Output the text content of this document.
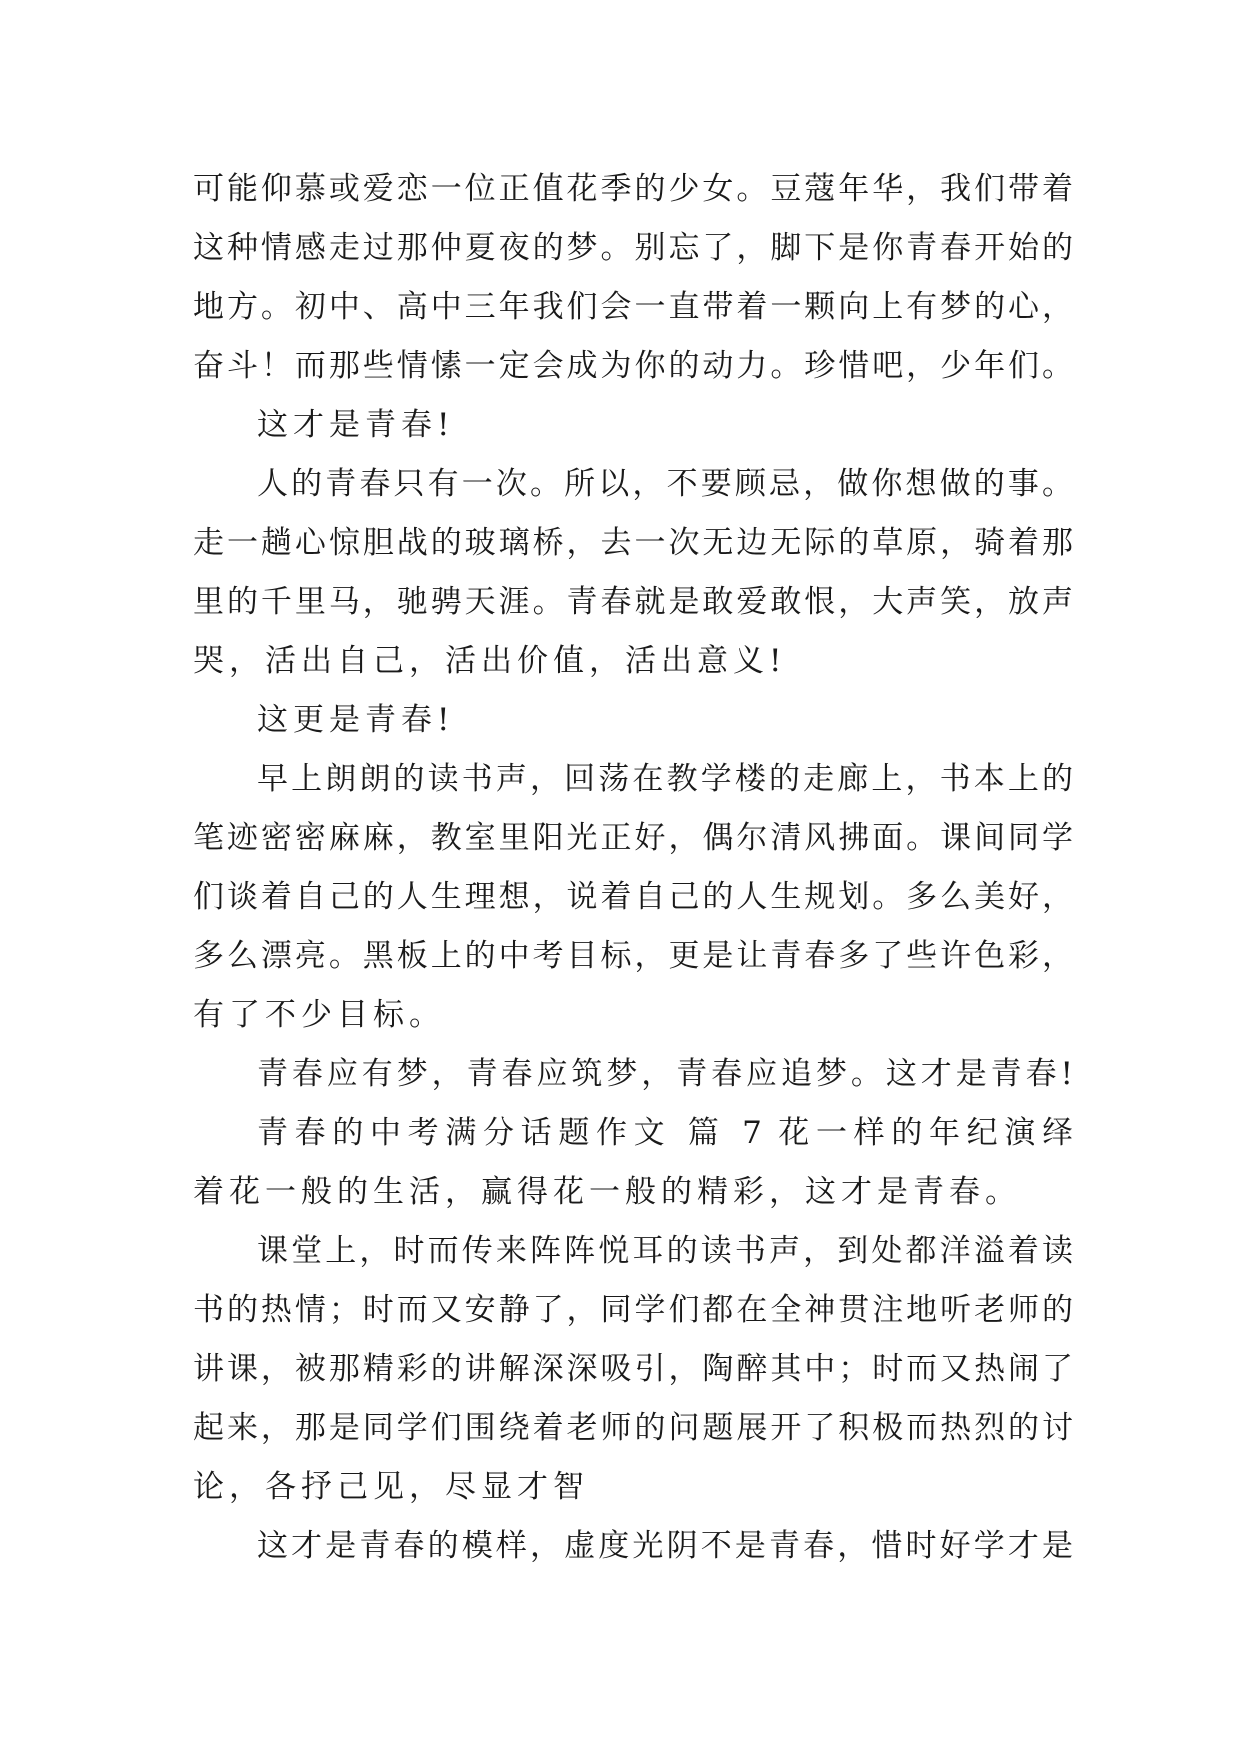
可能仰慕或爱恋一位正值花季的少女。豆蔻年华，我们带着
这种情感走过那仲夏夜的梦。别忘了，脚下是你青春开始的
地方。初中、高中三年我们会一直带着一颗向上有梦的心，
奋斗！而那些情愫一定会成为你的动力。珍惜吧，少年们。
这才是青春!
人的青春只有一次。所以，不要顾忌，做你想做的事。
走一趟心惊胆战的玻璃桥，去一次无边无际的草原，骑着那
里的千里马，驰骋天涯。青春就是敢爱敢恨，大声笑，放声
哭，活出自己，活出价值，活出意义!
这更是青春!
早上朗朗的读书声，回荡在教学楼的走廊上，书本上的
笔迹密密麻麻，教室里阳光正好，偶尔清风拂面。课间同学
们谈着自己的人生理想，说着自己的人生规划。多么美好，
多么漂亮。黑板上的中考目标，更是让青春多了些许色彩，
有了不少目标。
青春应有梦，青春应筑梦，青春应追梦。这才是青春!
青春的中考满分话题作文 篇 7 花一样的年纪演绎
着花一般的生活，赢得花一般的精彩，这才是青春。
课堂上，时而传来阵阵悦耳的读书声，到处都洋溢着读
书的热情；时而又安静了，同学们都在全神贯注地听老师的
讲课，被那精彩的讲解深深吸引，陶醉其中；时而又热闹了
起来，那是同学们围绕着老师的问题展开了积极而热烈的讨
论，各抒己见，尽显才智
这才是青春的模样，虚度光阴不是青春，惜时好学才是
